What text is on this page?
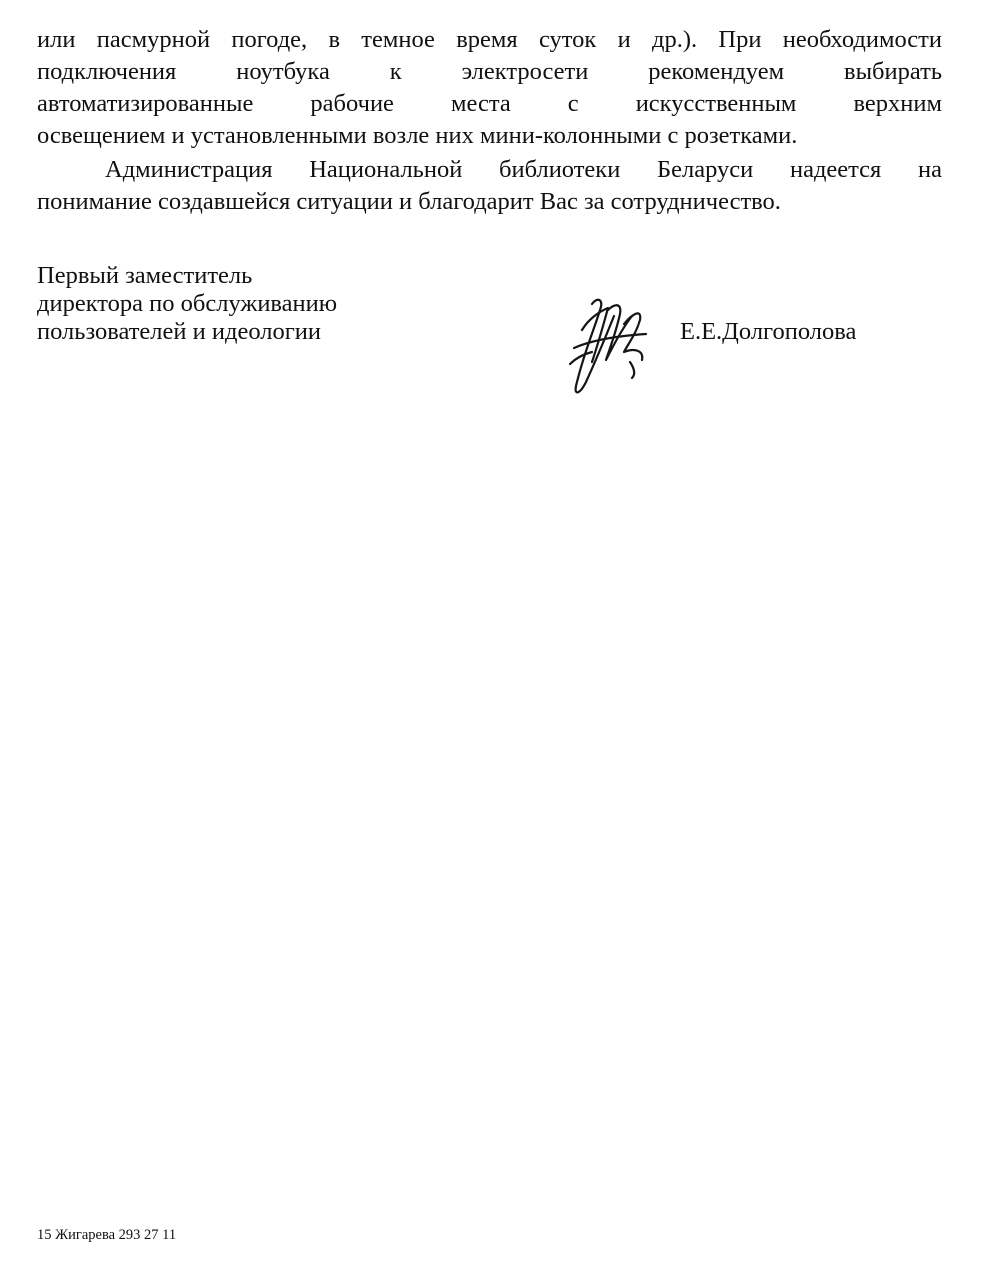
или пасмурной погоде, в темное время суток и др.). При необходимости
подключения ноутбука к электросети рекомендуем выбирать
автоматизированные рабочие места с искусственным верхним
освещением и установленными возле них мини-колонными с розетками.
Администрация Национальной библиотеки Беларуси надеется на
понимание создавшейся ситуации и благодарит Вас за сотрудничество.
Первый заместитель
директора по обслуживанию
пользователей и идеологии	Е.Е.Долгополова
15 Жигарева 293 27 11
